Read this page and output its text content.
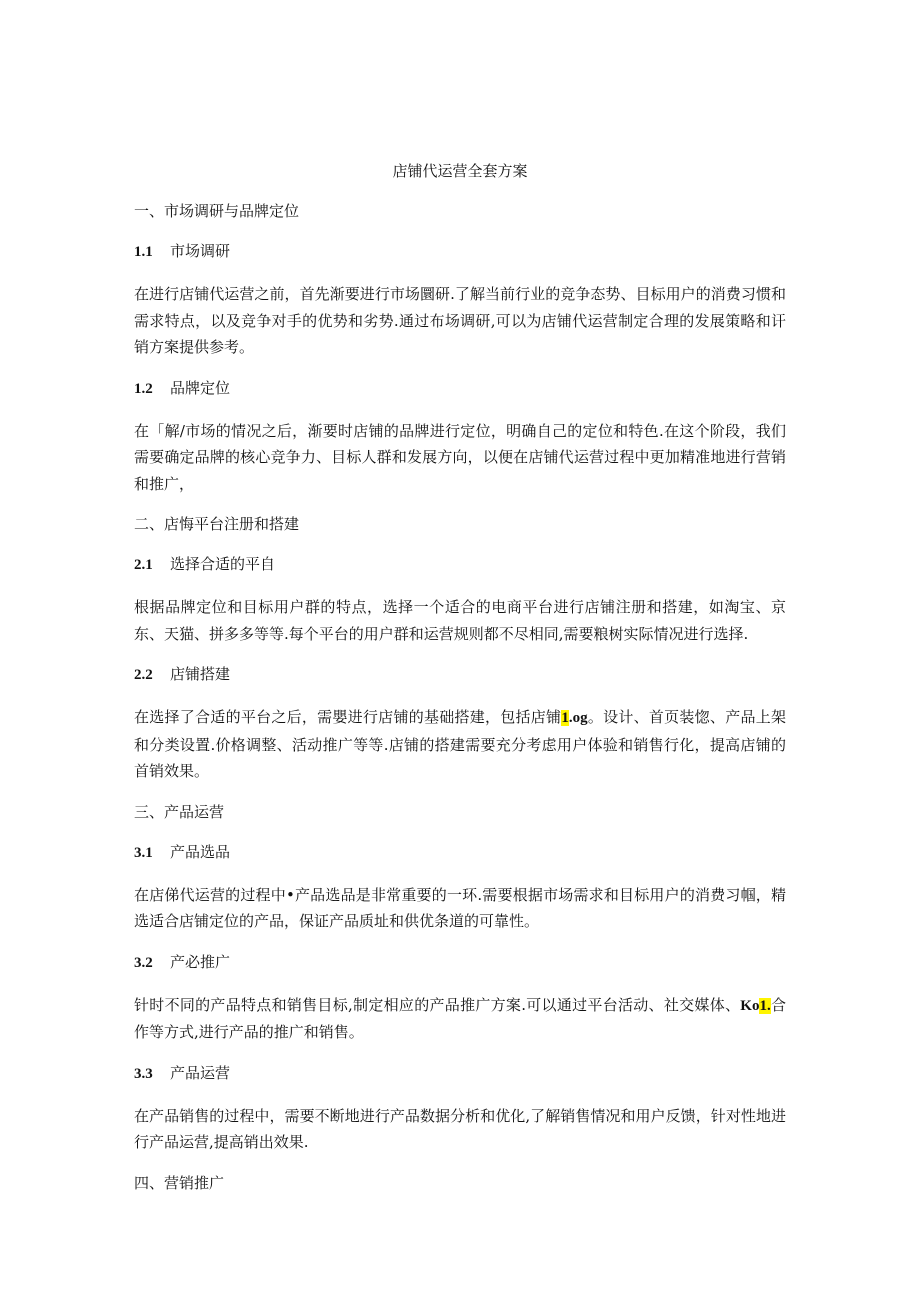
店铺代运营全套方案
一、市场调研与品牌定位
1.1 市场调研
在进行店铺代运营之前，首先渐要进行市场圜研.了解当前行业的竞争态势、目标用户的消费习惯和需求特点，以及竞争对手的优势和劣势.通过布场调研,可以为店铺代运营制定合理的发展策略和讦销方案提供参考。
1.2 品牌定位
在「解/市场的情况之后，渐要时店铺的品牌进行定位，明确自己的定位和特色.在这个阶段，我们需要确定品牌的核心竞争力、目标人群和发展方向，以便在店铺代运营过程中更加精准地进行营销和推广，
二、店悔平台注册和搭建
2.1 选择合适的平自
根据品牌定位和目标用户群的特点，选择一个适合的电商平台进行店铺注册和搭建，如淘宝、京东、天猫、拼多多等等.每个平台的用户群和运营规则都不尽相同,需要粮树实际情况进行选择.
2.2 店铺搭建
在选择了合适的平台之后，需嬰进行店铺的基础搭建，包括店铺1.og。设计、首页装惚、产品上架和分类设置.价格调整、活动推广等等.店铺的搭建需要充分考虑用户体验和销售行化，提高店铺的首销效果。
三、产品运营
3.1 产品选品
在店俤代运营的过程中•产品选品是非常重要的一环.需要根据市场需求和目标用户的消费习帼，精选适合店铺定位的产品，保证产品质址和供优条道的可靠性。
3.2 产必推广
针时不同的产品特点和销售目标,制定相应的产品推广方案.可以通过平台活动、社交媒体、Ko1.合作等方式,进行产品的推广和销售。
3.3 产品运营
在产品销售的过程中，需要不断地进行产品数据分析和优化,了解销售情况和用户反馈，针对性地进行产品运营,提高销出效果.
四、营销推广
